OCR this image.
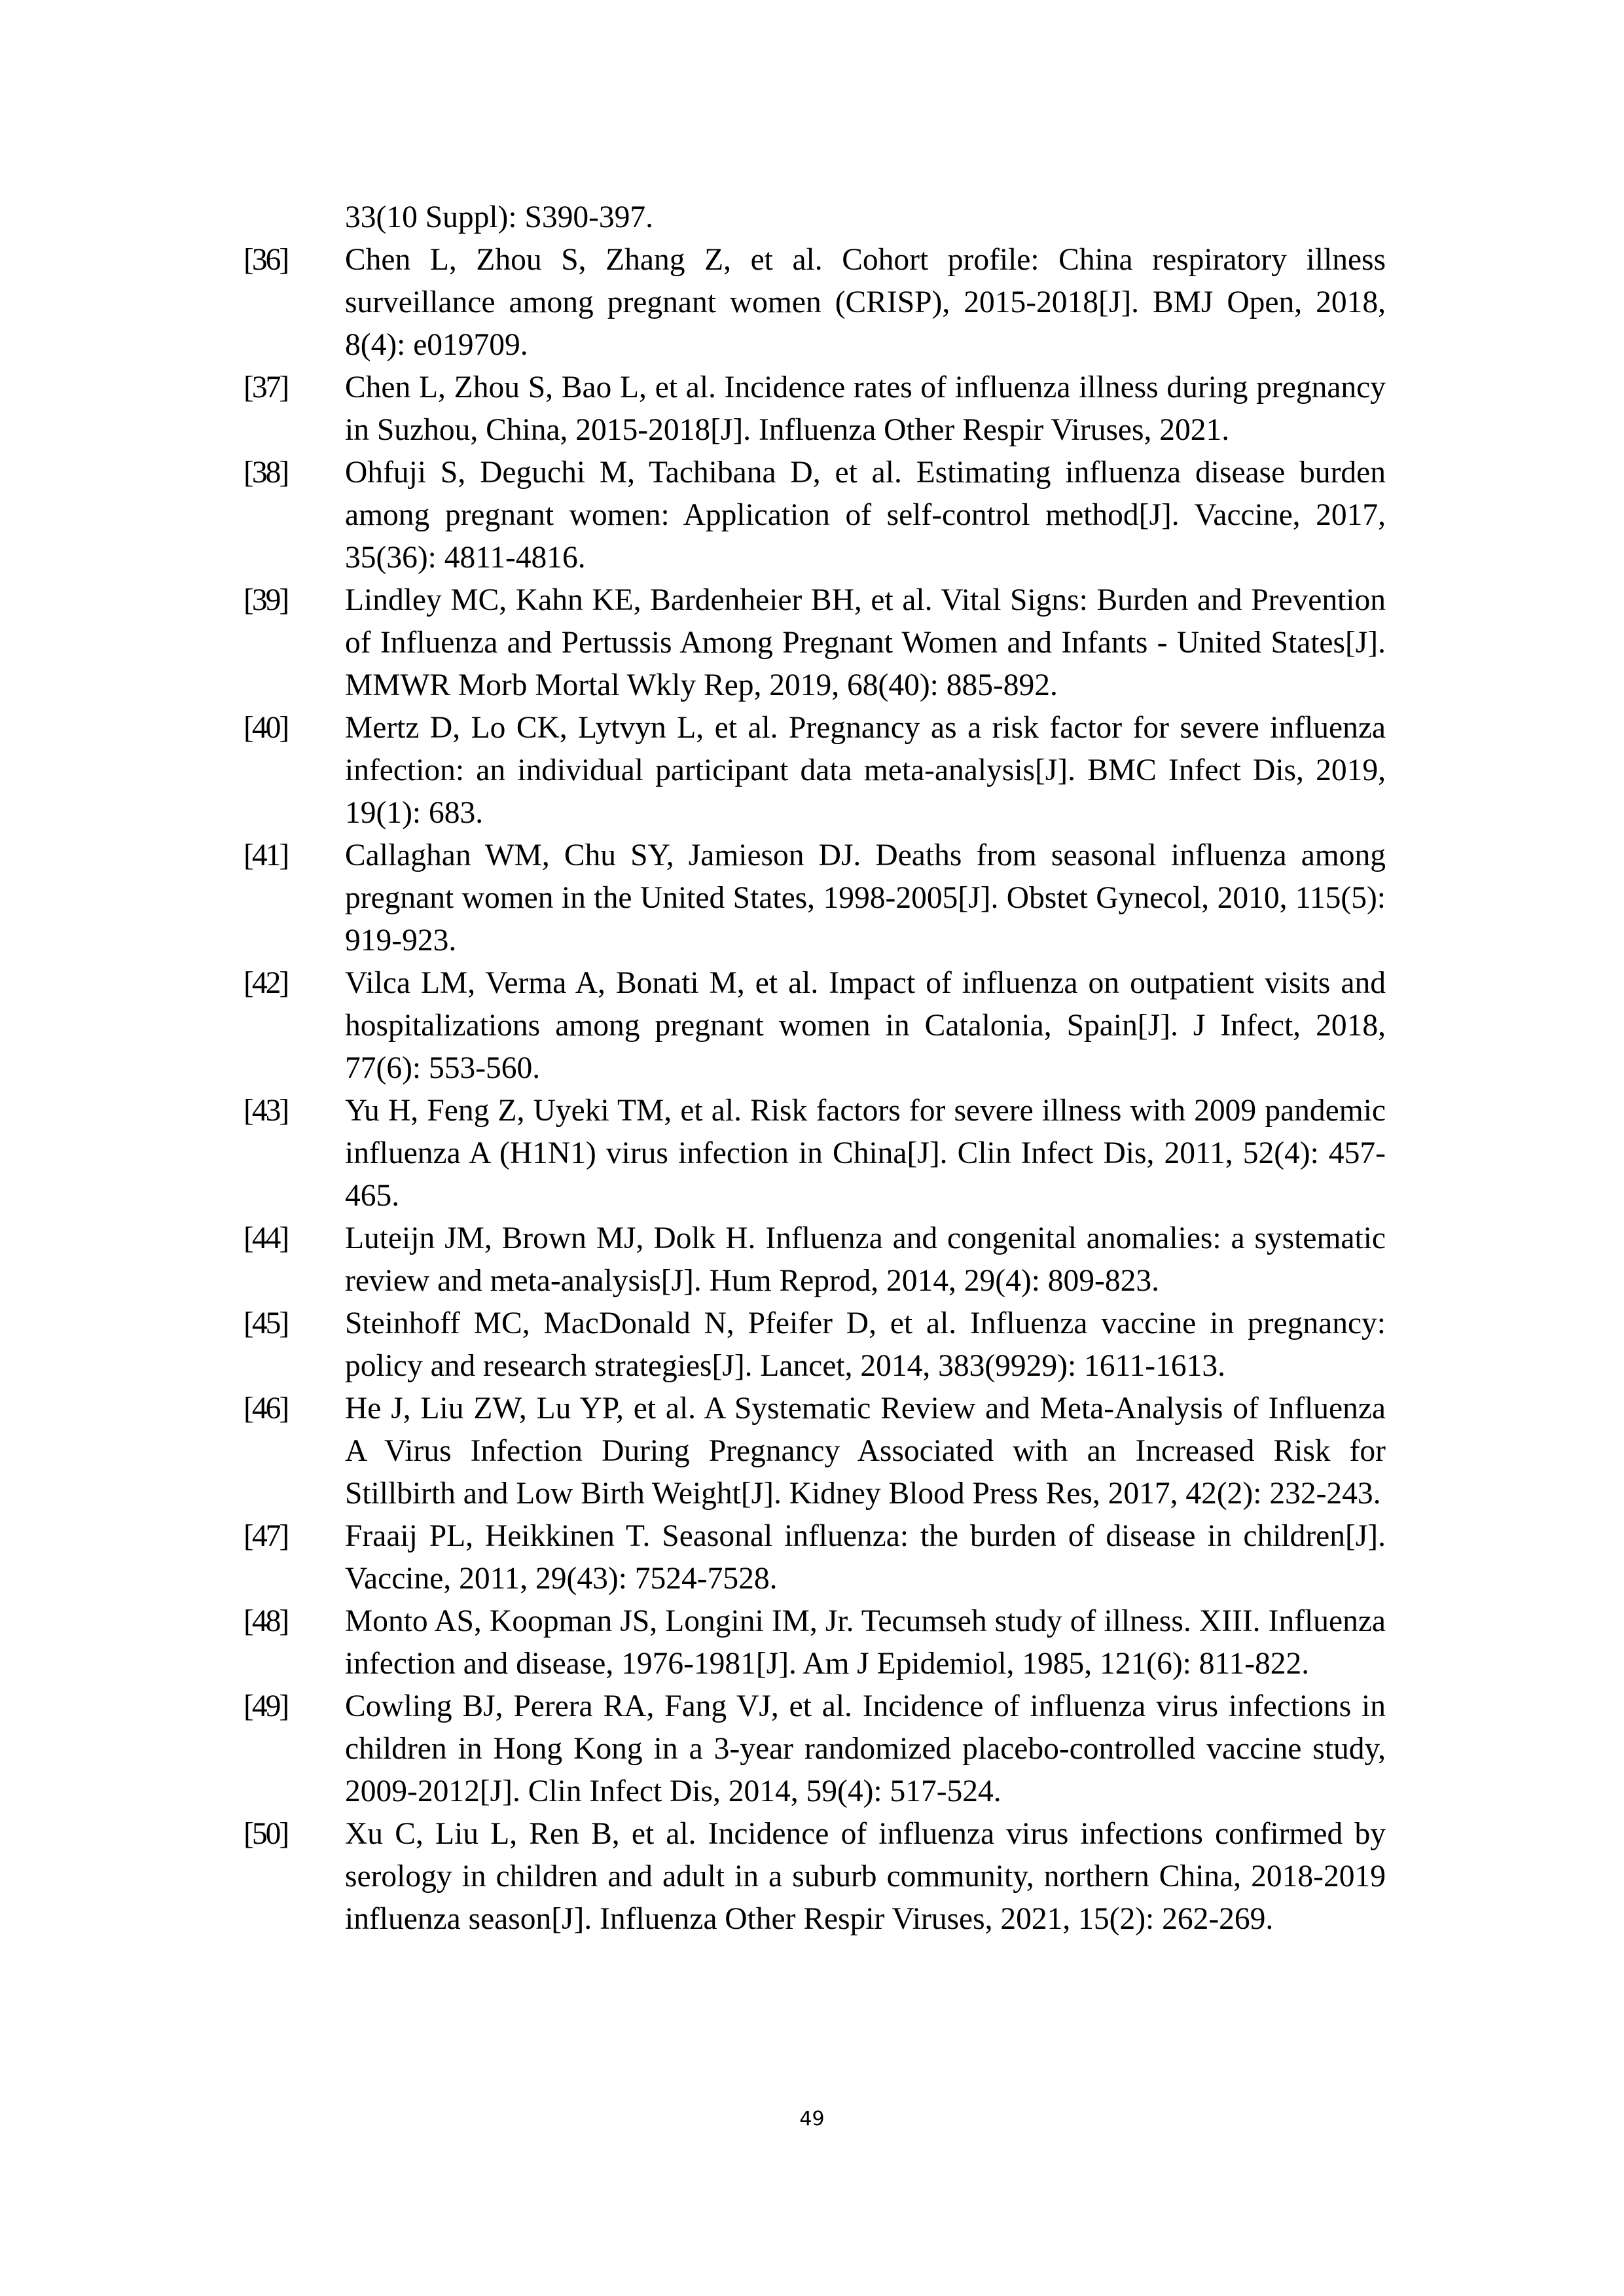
33(10 Suppl): S390-397.
[36] Chen L, Zhou S, Zhang Z, et al. Cohort profile: China respiratory illness surveillance among pregnant women (CRISP), 2015-2018[J]. BMJ Open, 2018, 8(4): e019709.
[37] Chen L, Zhou S, Bao L, et al. Incidence rates of influenza illness during pregnancy in Suzhou, China, 2015-2018[J]. Influenza Other Respir Viruses, 2021.
[38] Ohfuji S, Deguchi M, Tachibana D, et al. Estimating influenza disease burden among pregnant women: Application of self-control method[J]. Vaccine, 2017, 35(36): 4811-4816.
[39] Lindley MC, Kahn KE, Bardenheier BH, et al. Vital Signs: Burden and Prevention of Influenza and Pertussis Among Pregnant Women and Infants - United States[J]. MMWR Morb Mortal Wkly Rep, 2019, 68(40): 885-892.
[40] Mertz D, Lo CK, Lytvyn L, et al. Pregnancy as a risk factor for severe influenza infection: an individual participant data meta-analysis[J]. BMC Infect Dis, 2019, 19(1): 683.
[41] Callaghan WM, Chu SY, Jamieson DJ. Deaths from seasonal influenza among pregnant women in the United States, 1998-2005[J]. Obstet Gynecol, 2010, 115(5): 919-923.
[42] Vilca LM, Verma A, Bonati M, et al. Impact of influenza on outpatient visits and hospitalizations among pregnant women in Catalonia, Spain[J]. J Infect, 2018, 77(6): 553-560.
[43] Yu H, Feng Z, Uyeki TM, et al. Risk factors for severe illness with 2009 pandemic influenza A (H1N1) virus infection in China[J]. Clin Infect Dis, 2011, 52(4): 457-465.
[44] Luteijn JM, Brown MJ, Dolk H. Influenza and congenital anomalies: a systematic review and meta-analysis[J]. Hum Reprod, 2014, 29(4): 809-823.
[45] Steinhoff MC, MacDonald N, Pfeifer D, et al. Influenza vaccine in pregnancy: policy and research strategies[J]. Lancet, 2014, 383(9929): 1611-1613.
[46] He J, Liu ZW, Lu YP, et al. A Systematic Review and Meta-Analysis of Influenza A Virus Infection During Pregnancy Associated with an Increased Risk for Stillbirth and Low Birth Weight[J]. Kidney Blood Press Res, 2017, 42(2): 232-243.
[47] Fraaij PL, Heikkinen T. Seasonal influenza: the burden of disease in children[J]. Vaccine, 2011, 29(43): 7524-7528.
[48] Monto AS, Koopman JS, Longini IM, Jr. Tecumseh study of illness. XIII. Influenza infection and disease, 1976-1981[J]. Am J Epidemiol, 1985, 121(6): 811-822.
[49] Cowling BJ, Perera RA, Fang VJ, et al. Incidence of influenza virus infections in children in Hong Kong in a 3-year randomized placebo-controlled vaccine study, 2009-2012[J]. Clin Infect Dis, 2014, 59(4): 517-524.
[50] Xu C, Liu L, Ren B, et al. Incidence of influenza virus infections confirmed by serology in children and adult in a suburb community, northern China, 2018-2019 influenza season[J]. Influenza Other Respir Viruses, 2021, 15(2): 262-269.
49
